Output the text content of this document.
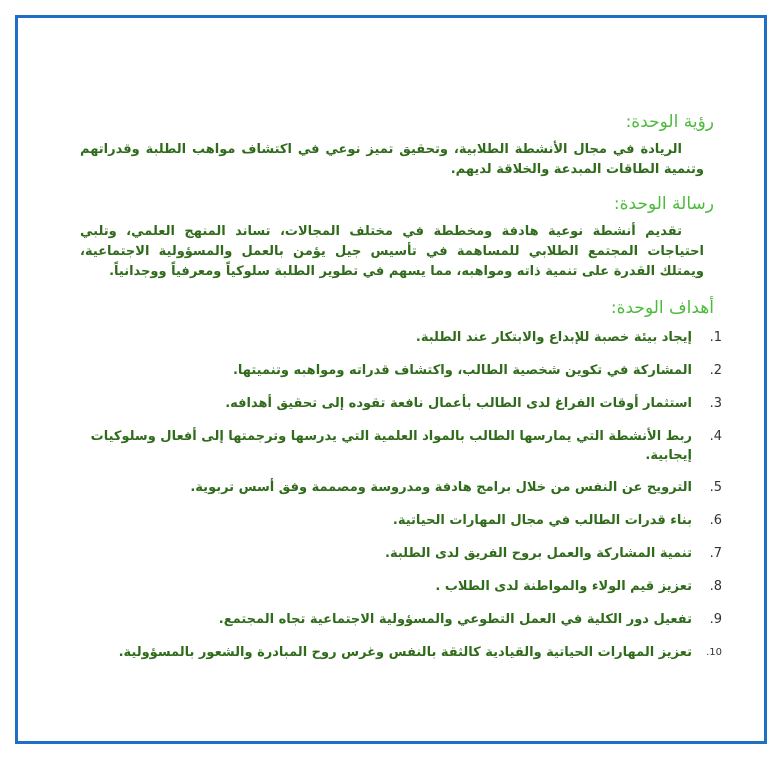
رؤية الوحدة:

الريادة في مجال الأنشطة الطلابية، وتحقيق تميز نوعي في اكتشاف مواهب الطلبة وقدراتهم وتنمية الطاقات المبدعة والخلاقة لديهم.

رسالة الوحدة:

تقديم أنشطة نوعية هادفة ومخططة في مختلف المجالات، تساند المنهج العلمي، وتلبي احتياجات المجتمع الطلابي للمساهمة في تأسيس جيل يؤمن بالعمل والمسؤولية الاجتماعية، ويمتلك القدرة على تنمية ذاته ومواهبه، مما يسهم في تطوير الطلبة سلوكياً ومعرفياً ووجدانياً.

أهداف الوحدة:
1.
إيجاد بيئة خصبة للإبداع والابتكار عند الطلبة.
2.
المشاركة في تكوين شخصية الطالب، واكتشاف قدراته ومواهبه وتنميتها.
3.
استثمار أوقات الفراغ لدى الطالب بأعمال نافعة تقوده إلى تحقيق أهدافه.
4.
ربط الأنشطة التي يمارسها الطالب بالمواد العلمية التي يدرسها وترجمتها إلى أفعال وسلوكيات إيجابية.
5.
الترويح عن النفس من خلال برامج هادفة ومدروسة ومصممة وفق أسس تربوية.
6.
بناء قدرات الطالب في مجال المهارات الحياتية.
7.
تنمية المشاركة والعمل بروح الفريق لدى الطلبة.
8.
تعزيز قيم الولاء والمواطنة لدى الطلاب .
9.
تفعيل دور الكلية في العمل التطوعي والمسؤولية الاجتماعية تجاه المجتمع.
10.
تعزيز المهارات الحياتية والقيادية كالثقة بالنفس وغرس روح المبادرة والشعور بالمسؤولية.
